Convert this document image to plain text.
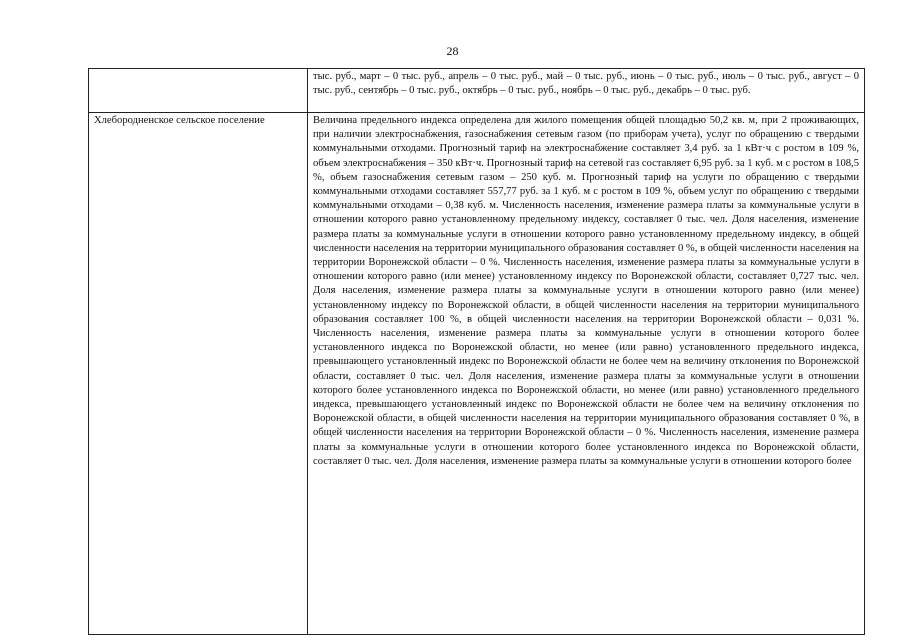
28
	тыс. руб., март – 0 тыс. руб., апрель – 0 тыс. руб., май – 0 тыс. руб., июнь – 0 тыс. руб., июль – 0 тыс. руб., август – 0 тыс. руб., сентябрь – 0 тыс. руб., октябрь – 0 тыс. руб., ноябрь – 0 тыс. руб., декабрь – 0 тыс. руб.
Хлебородненское сельское поселение	Величина предельного индекса определена для жилого помещения общей площадью 50,2 кв. м, при 2 проживающих, при наличии электроснабжения, газоснабжения сетевым газом (по приборам учета), услуг по обращению с твердыми коммунальными отходами. Прогнозный тариф на электроснабжение составляет 3,4 руб. за 1 кВт·ч с ростом в 109 %, объем электроснабжения – 350 кВт·ч. Прогнозный тариф на сетевой газ составляет 6,95 руб. за 1 куб. м с ростом в 108,5 %, объем газоснабжения сетевым газом – 250 куб. м. Прогнозный тариф на услуги по обращению с твердыми коммунальными отходами составляет 557,77 руб. за 1 куб. м с ростом в 109 %, объем услуг по обращению с твердыми коммунальными отходами – 0,38 куб. м. Численность населения, изменение размера платы за коммунальные услуги в отношении которого равно установленному предельному индексу, составляет 0 тыс. чел. Доля населения, изменение размера платы за коммунальные услуги в отношении которого равно установленному предельному индексу, в общей численности населения на территории муниципального образования составляет 0 %, в общей численности населения на территории Воронежской области – 0 %. Численность населения, изменение размера платы за коммунальные услуги в отношении которого равно (или менее) установленному индексу по Воронежской области, составляет 0,727 тыс. чел. Доля населения, изменение размера платы за коммунальные услуги в отношении которого равно (или менее) установленному индексу по Воронежской области, в общей численности населения на территории муниципального образования составляет 100 %, в общей численности населения на территории Воронежской области – 0,031 %. Численность населения, изменение размера платы за коммунальные услуги в отношении которого более установленного индекса по Воронежской области, но менее (или равно) установленного предельного индекса, превышающего установленный индекс по Воронежской области не более чем на величину отклонения по Воронежской области, составляет 0 тыс. чел. Доля населения, изменение размера платы за коммунальные услуги в отношении которого более установленного индекса по Воронежской области, но менее (или равно) установленного предельного индекса, превышающего установленный индекс по Воронежской области не более чем на величину отклонения по Воронежской области, в общей численности населения на территории муниципального образования составляет 0 %, в общей численности населения на территории Воронежской области – 0 %. Численность населения, изменение размера платы за коммунальные услуги в отношении которого более установленного индекса по Воронежской области, составляет 0 тыс. чел. Доля населения, изменение размера платы за коммунальные услуги в отношении которого более
